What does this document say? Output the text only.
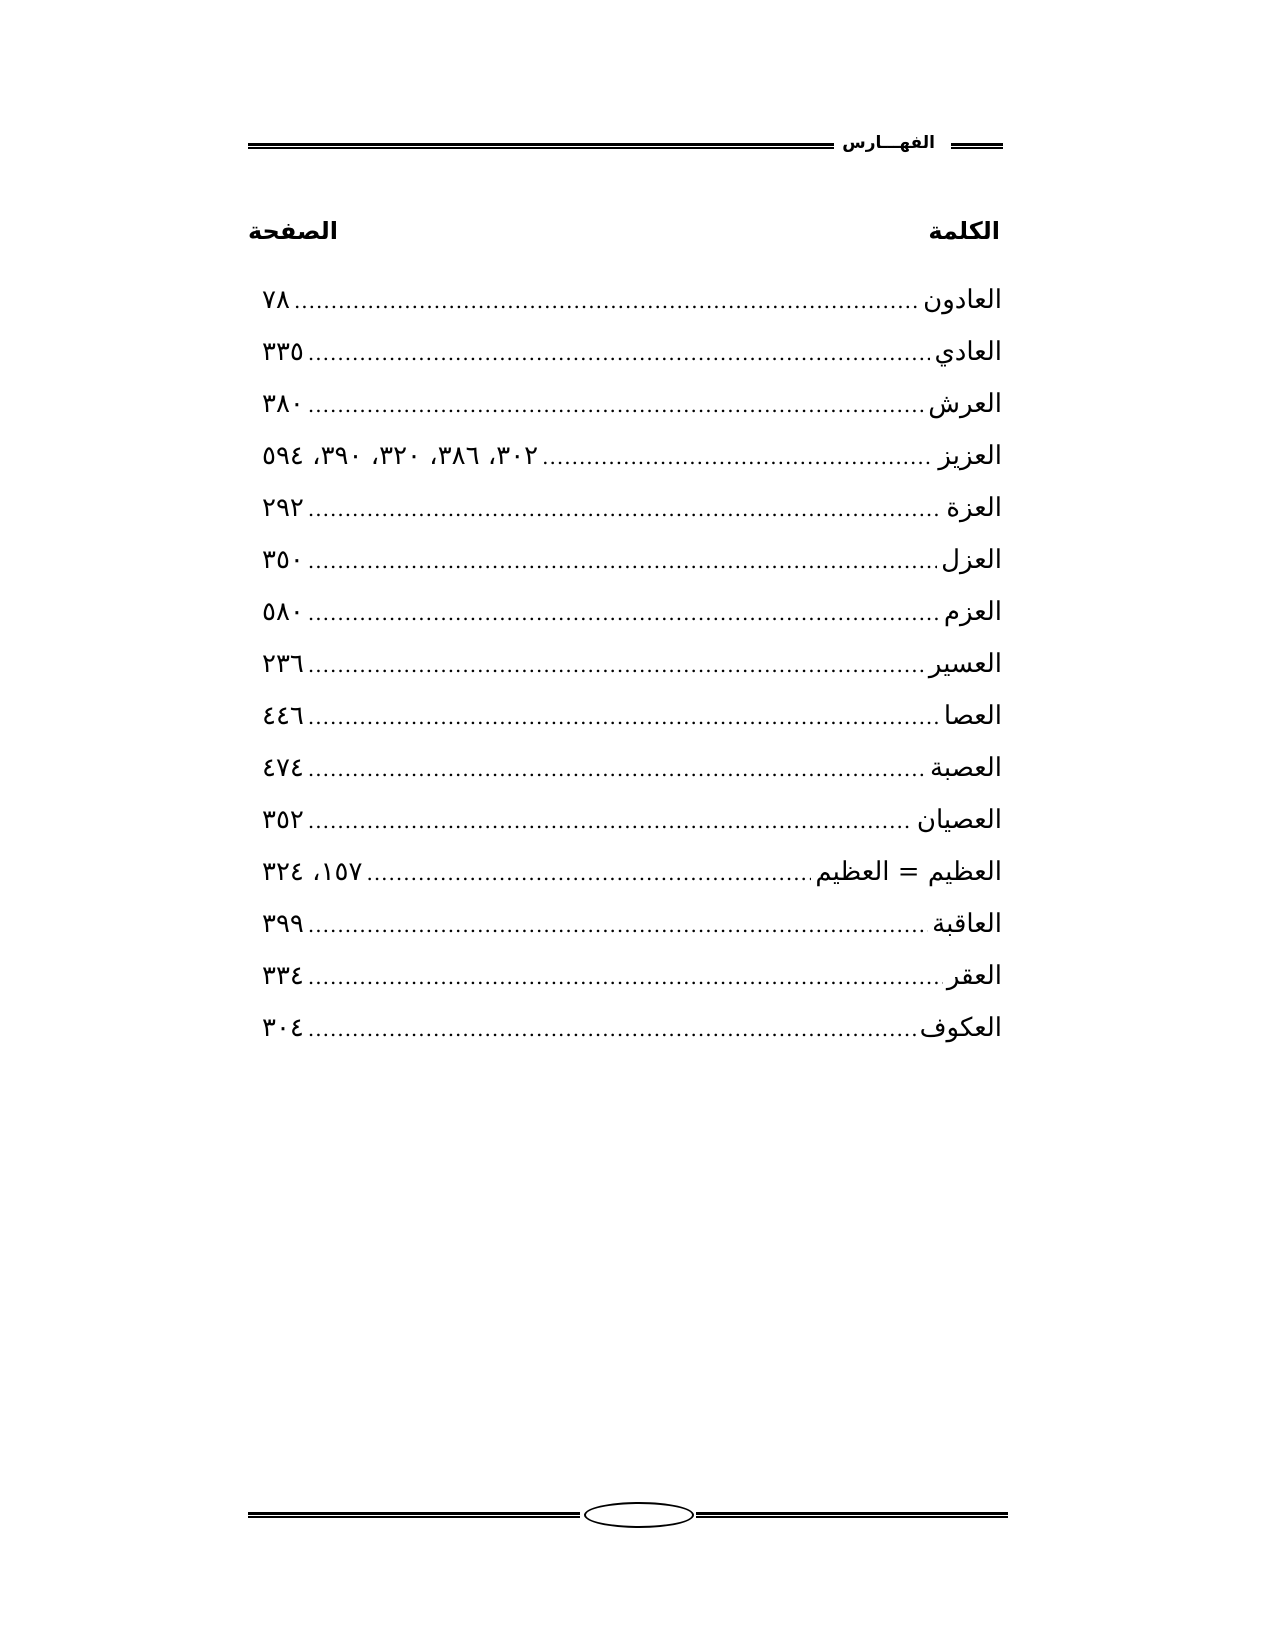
الفهـــارس
الكلمة
الصفحة
العادون
.....
٧٨
العادي
.....
٣٣٥
العرش
.....
٣٨٠
العزيز
.....
٣٠٢، ٣٨٦، ٣٢٠، ٣٩٠، ٥٩٤
العزة
.....
٢٩٢
العزل
.....
٣٥٠
العزم
.....
٥٨٠
العسير
.....
٢٣٦
العصا
.....
٤٤٦
العصبة
.....
٤٧٤
العصيان
.....
٣٥٢
العظيم = العظيم
.....
١٥٧، ٣٢٤
العاقبة
.....
٣٩٩
العقر
.....
٣٣٤
العكوف
.....
٣٠٤
